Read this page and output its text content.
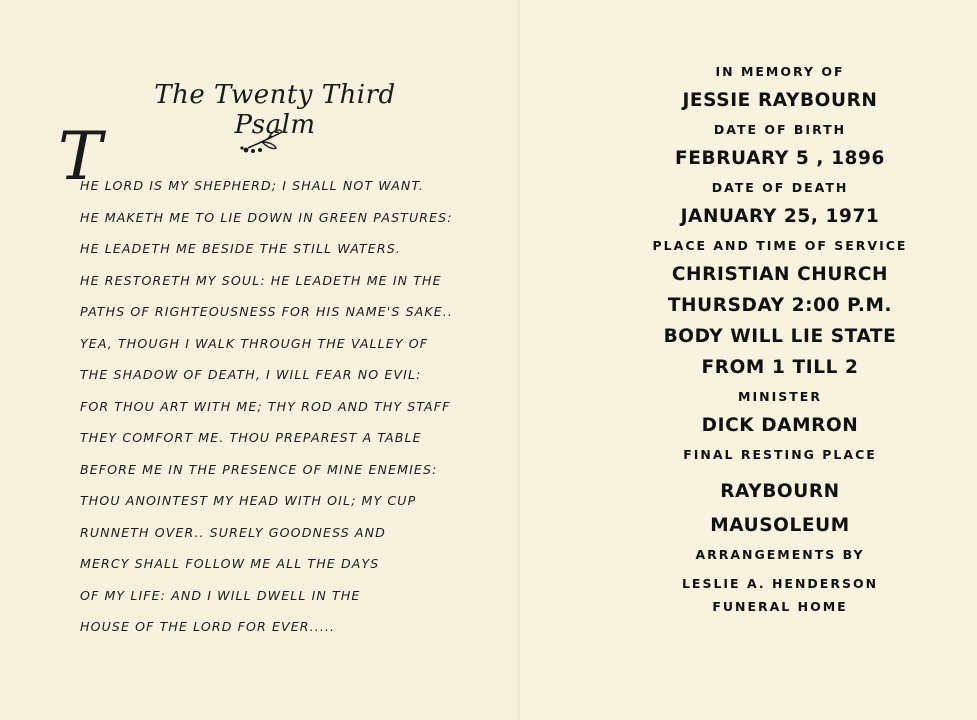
The Twenty Third Psalm
T
HE LORD IS MY SHEPHERD; I SHALL NOT WANT.
HE MAKETH ME TO LIE DOWN IN GREEN PASTURES:
HE LEADETH ME BESIDE THE STILL WATERS.
HE RESTORETH MY SOUL: HE LEADETH ME IN THE
PATHS OF RIGHTEOUSNESS FOR HIS NAME'S SAKE..
YEA, THOUGH I WALK THROUGH THE VALLEY OF
THE SHADOW OF DEATH, I WILL FEAR NO EVIL:
FOR THOU ART WITH ME; THY ROD AND THY STAFF
THEY COMFORT ME. THOU PREPAREST A TABLE
BEFORE ME IN THE PRESENCE OF MINE ENEMIES:
THOU ANOINTEST MY HEAD WITH OIL; MY CUP
RUNNETH OVER.. SURELY GOODNESS AND
MERCY SHALL FOLLOW ME ALL THE DAYS
OF MY LIFE: AND I WILL DWELL IN THE
HOUSE OF THE LORD FOR EVER.....
IN MEMORY OF
JESSIE RAYBOURN
DATE OF BIRTH
FEBRUARY 5 , 1896
DATE OF DEATH
JANUARY 25, 1971
PLACE AND TIME OF SERVICE
CHRISTIAN CHURCH
THURSDAY 2:00 P.M.
BODY WILL LIE STATE
FROM 1 TILL 2
MINISTER
DICK DAMRON
FINAL RESTING PLACE
RAYBOURN
MAUSOLEUM
ARRANGEMENTS BY
LESLIE A. HENDERSON
FUNERAL HOME
